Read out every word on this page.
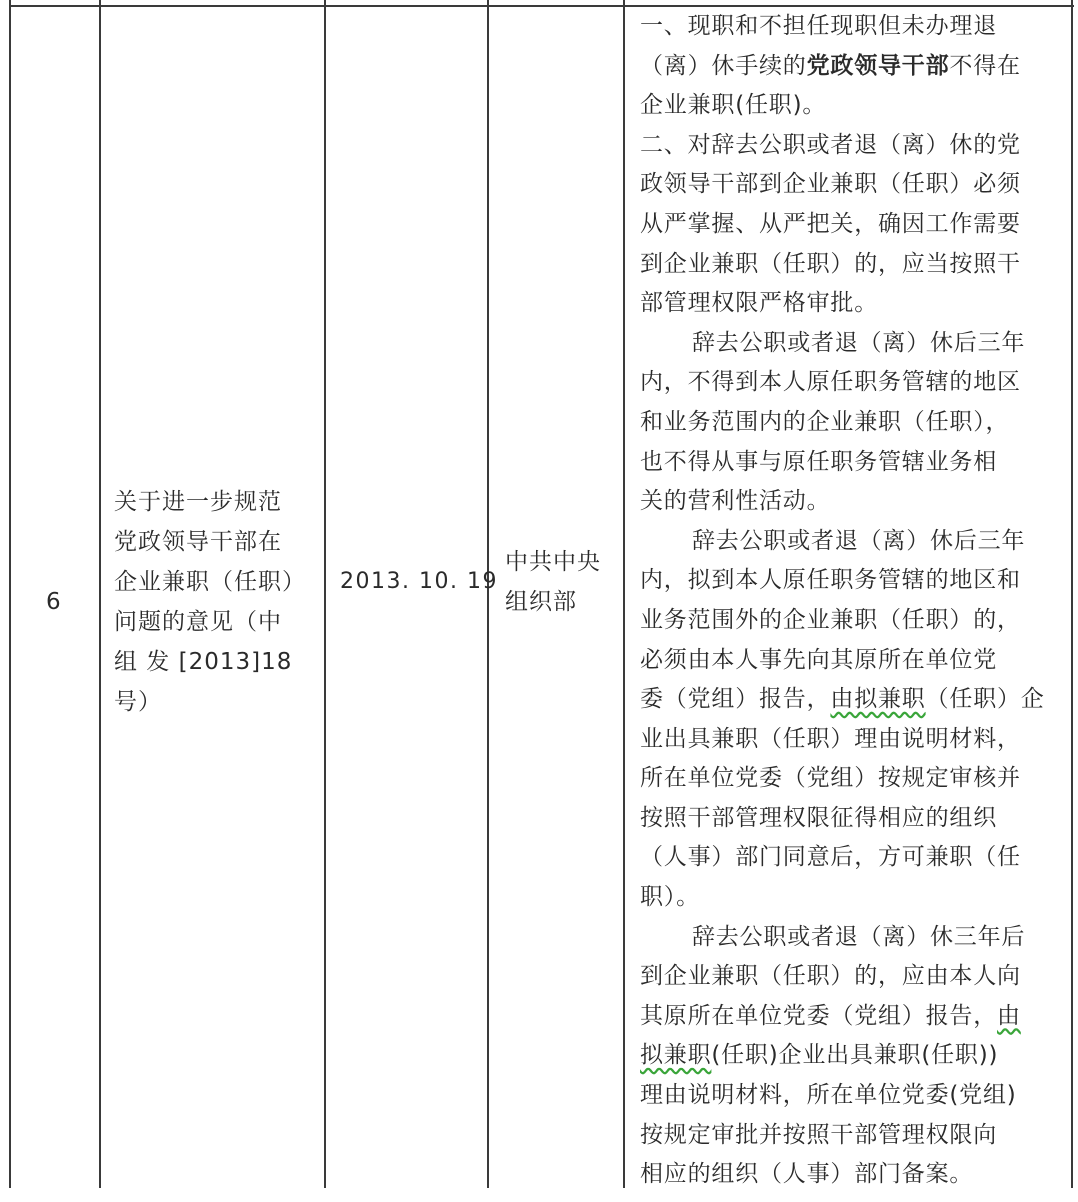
6
关于进一步规范
党政领导干部在
企业兼职（任职）
问题的意见（中
组 发 [2013]18
号）
2013. 10. 19
中共中央
组织部
一、现职和不担任现职但未办理退
（离）休手续的党政领导干部不得在
企业兼职(任职)。
二、对辞去公职或者退（离）休的党
政领导干部到企业兼职（任职）必须
从严掌握、从严把关，确因工作需要
到企业兼职（任职）的，应当按照干
部管理权限严格审批。
辞去公职或者退（离）休后三年
内，不得到本人原任职务管辖的地区
和业务范围内的企业兼职（任职），
也不得从事与原任职务管辖业务相
关的营利性活动。
辞去公职或者退（离）休后三年
内，拟到本人原任职务管辖的地区和
业务范围外的企业兼职（任职）的，
必须由本人事先向其原所在单位党
委（党组）报告，由拟兼职（任职）企
业出具兼职（任职）理由说明材料，
所在单位党委（党组）按规定审核并
按照干部管理权限征得相应的组织
（人事）部门同意后，方可兼职（任
职）。
辞去公职或者退（离）休三年后
到企业兼职（任职）的，应由本人向
其原所在单位党委（党组）报告，由
拟兼职(任职)企业出具兼职(任职))
理由说明材料，所在单位党委(党组)
按规定审批并按照干部管理权限向
相应的组织（人事）部门备案。
